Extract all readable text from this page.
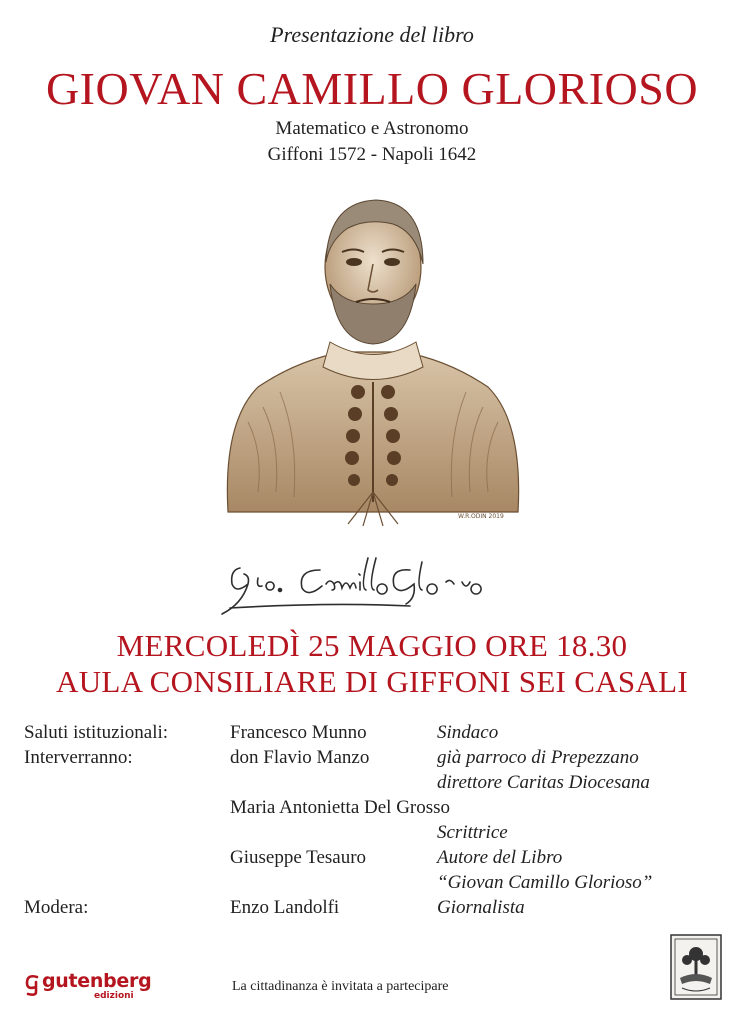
Presentazione del libro
GIOVAN CAMILLO GLORIOSO
Matematico e Astronomo
Giffoni 1572 - Napoli 1642
W.R.ODIN 2019
MERCOLEDÌ 25 MAGGIO ORE 18.30
AULA CONSILIARE DI GIFFONI SEI CASALI
Saluti istituzionali:	Francesco Munno	Sindaco
Interverranno:	don Flavio Manzo	già parroco di Prepezzano
direttore Caritas Diocesana
Maria Antonietta Del Grosso
Scrittrice
Giuseppe Tesauro	Autore del Libro
“Giovan Camillo Glorioso”
Modera:	Enzo Landolfi	Giornalista
gutenberg
edizioni
La cittadinanza è invitata a partecipare
